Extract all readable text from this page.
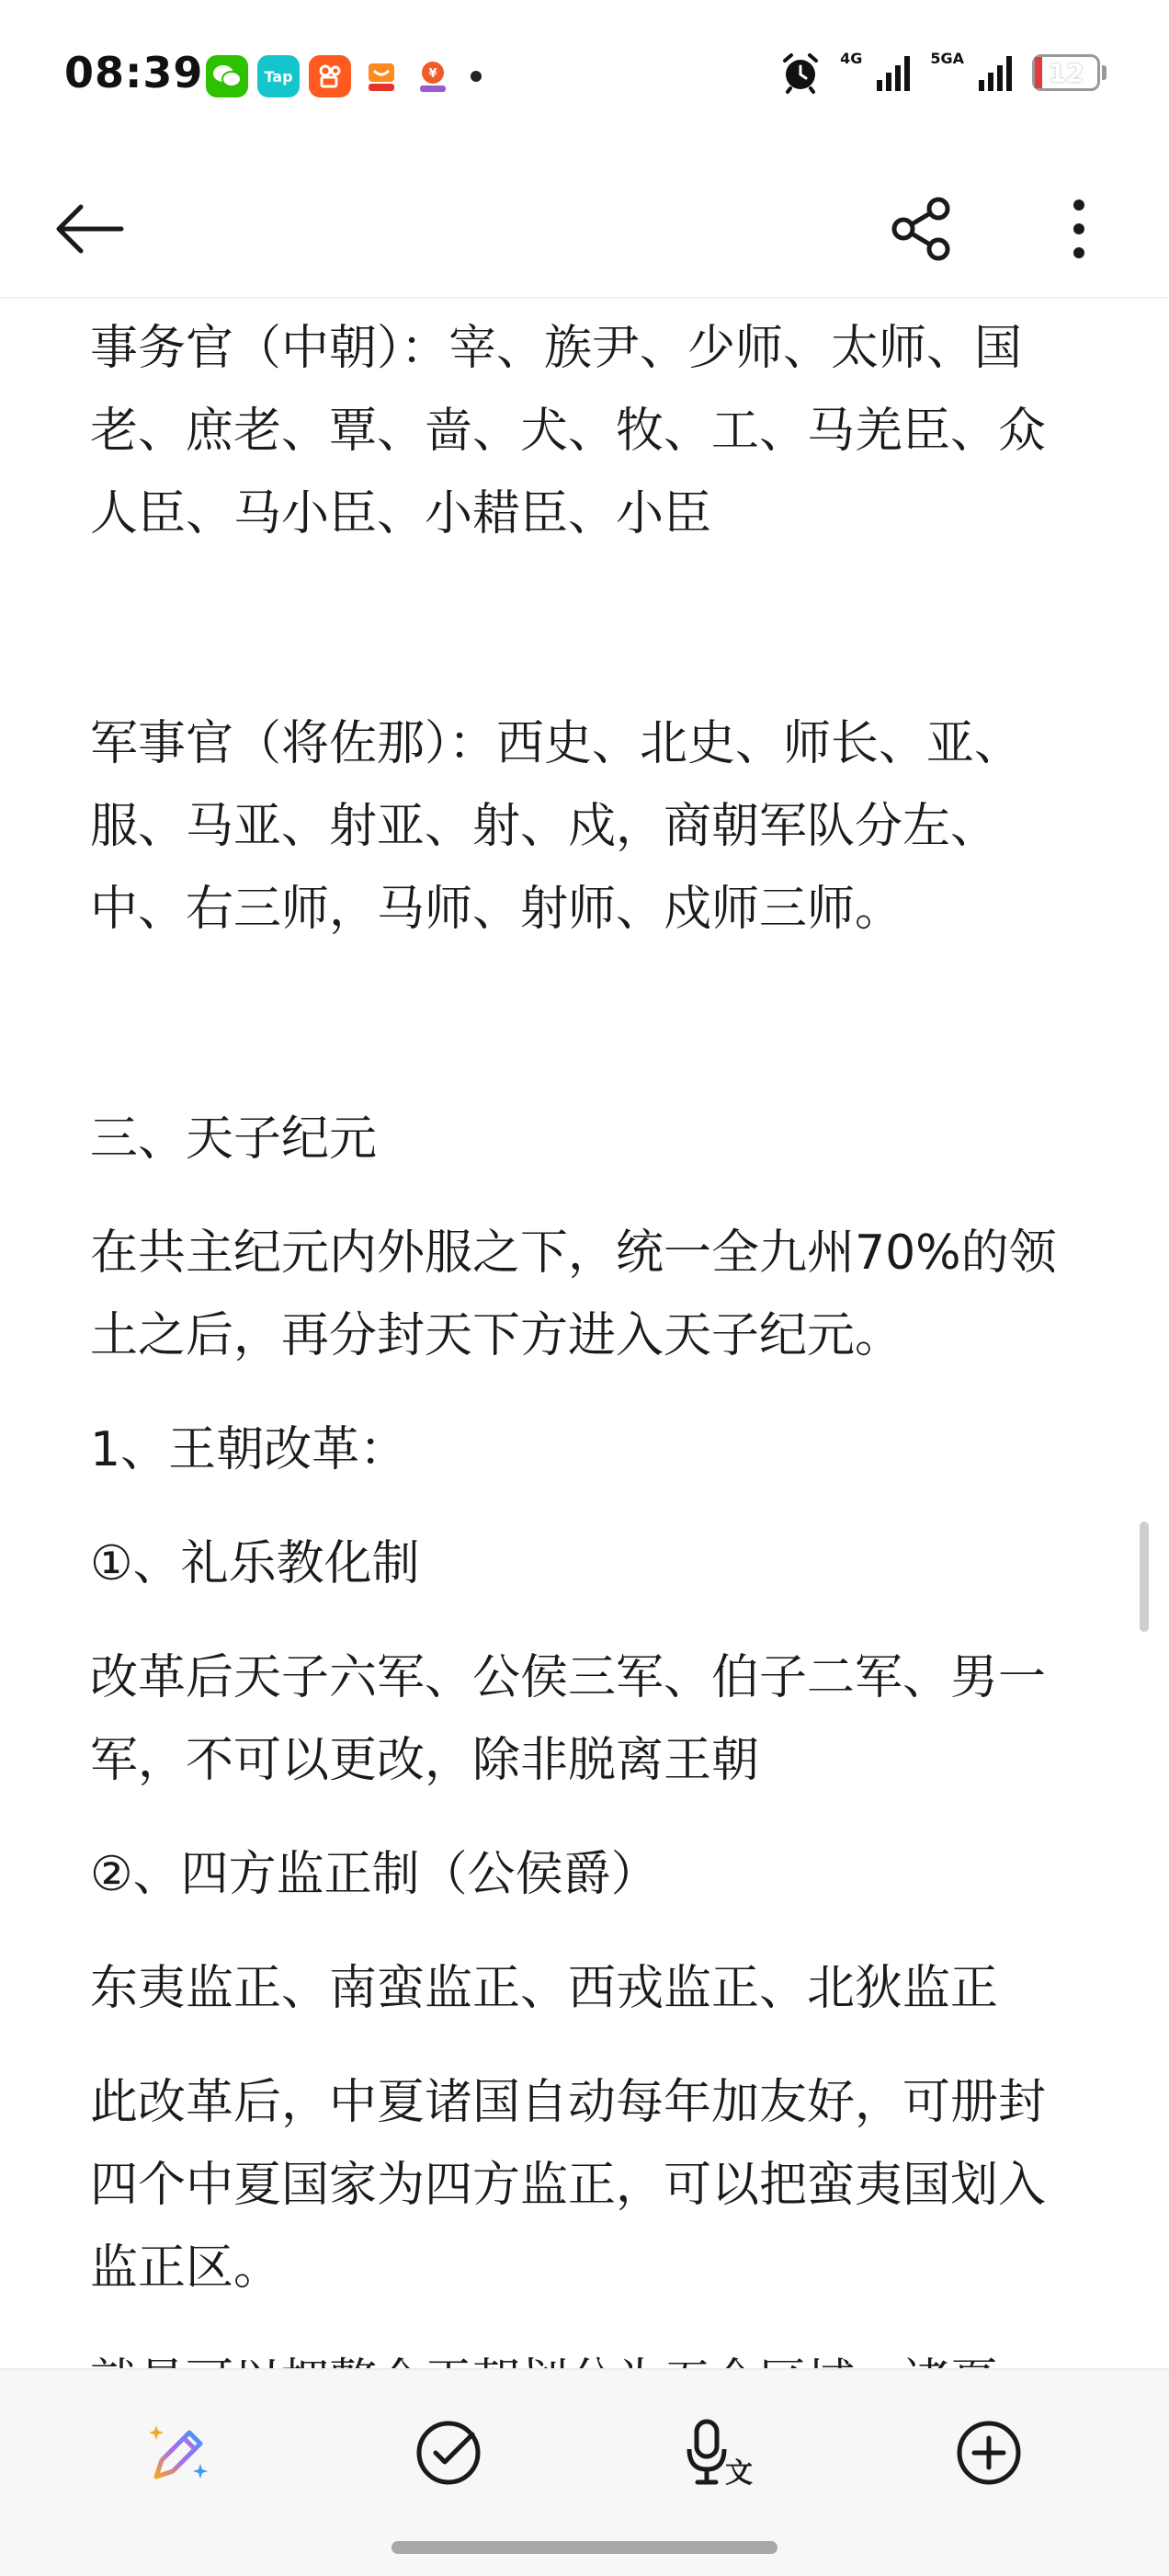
08:39	Tap	¥
4G	5GA	12

事务官（中朝）：宰、族尹、少师、太师、国老、庶老、覃、啬、犬、牧、工、马羌臣、众人臣、马小臣、小耤臣、小臣

军事官（将佐那）：西史、北史、师长、亚、服、马亚、射亚、射、戍，商朝军队分左、中、右三师，马师、射师、戍师三师。

三、天子纪元

在共主纪元内外服之下，统一全九州70%的领土之后，再分封天下方进入天子纪元。

1、王朝改革：

①、礼乐教化制

改革后天子六军、公侯三军、伯子二军、男一军，不可以更改，除非脱离王朝

②、四方监正制（公侯爵）

东夷监正、南蛮监正、西戎监正、北狄监正

此改革后，中夏诸国自动每年加友好，可册封四个中夏国家为四方监正，可以把蛮夷国划入监正区。

文
